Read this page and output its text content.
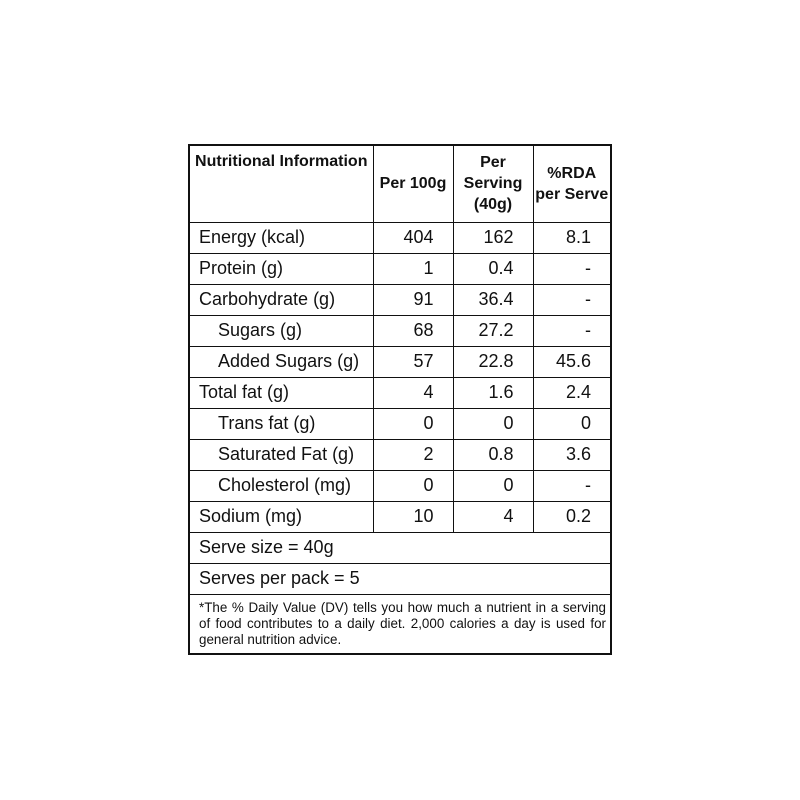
Nutritional Information	Per 100g	Per Serving (40g)	%RDA per Serve
Energy (kcal)	404	162	8.1
Protein (g)	1	0.4	-
Carbohydrate (g)	91	36.4	-
Sugars (g)	68	27.2	-
Added Sugars (g)	57	22.8	45.6
Total fat (g)	4	1.6	2.4
Trans fat (g)	0	0	0
Saturated Fat (g)	2	0.8	3.6
Cholesterol (mg)	0	0	-
Sodium (mg)	10	4	0.2
Serve size = 40g			
Serves per pack = 5			
*The % Daily Value (DV) tells you how much a nutrient in a serving of food contributes to a daily diet. 2,000 calories a day is used for general nutrition advice.			
